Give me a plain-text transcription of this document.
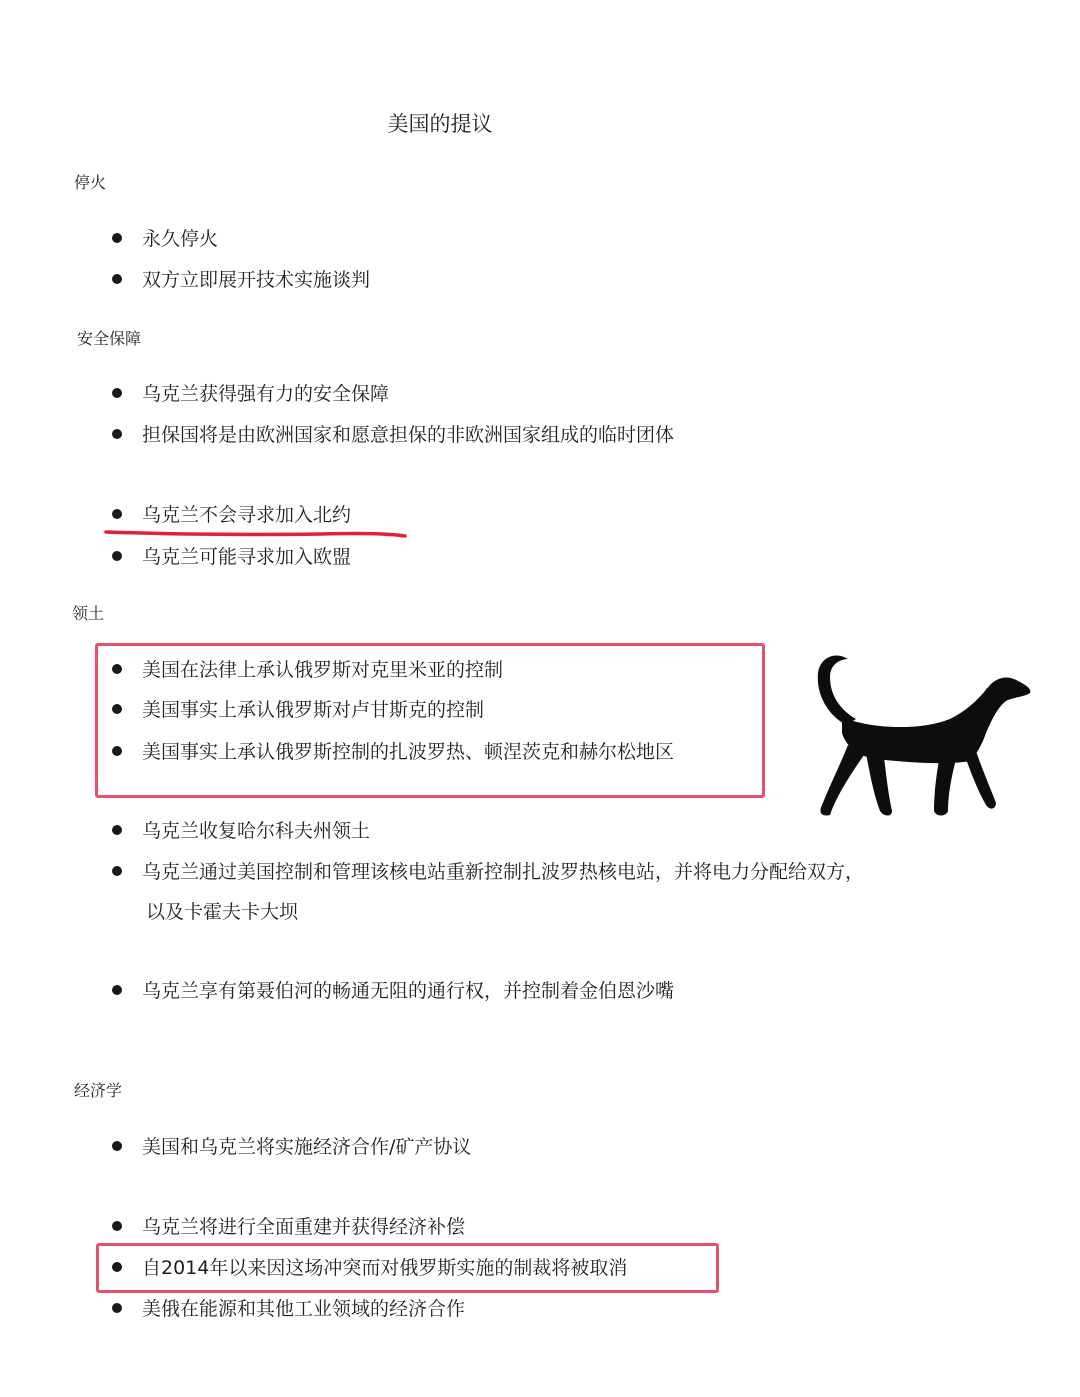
美国的提议
停火
永久停火
双方立即展开技术实施谈判
安全保障
乌克兰获得强有力的安全保障
担保国将是由欧洲国家和愿意担保的非欧洲国家组成的临时团体
乌克兰不会寻求加入北约
乌克兰可能寻求加入欧盟
领土
美国在法律上承认俄罗斯对克里米亚的控制
美国事实上承认俄罗斯对卢甘斯克的控制
美国事实上承认俄罗斯控制的扎波罗热、顿涅茨克和赫尔松地区
乌克兰收复哈尔科夫州领土
乌克兰通过美国控制和管理该核电站重新控制扎波罗热核电站，并将电力分配给双方，
以及卡霍夫卡大坝
乌克兰享有第聂伯河的畅通无阻的通行权，并控制着金伯恩沙嘴
经济学
美国和乌克兰将实施经济合作/矿产协议
乌克兰将进行全面重建并获得经济补偿
自2014年以来因这场冲突而对俄罗斯实施的制裁将被取消
美俄在能源和其他工业领域的经济合作
